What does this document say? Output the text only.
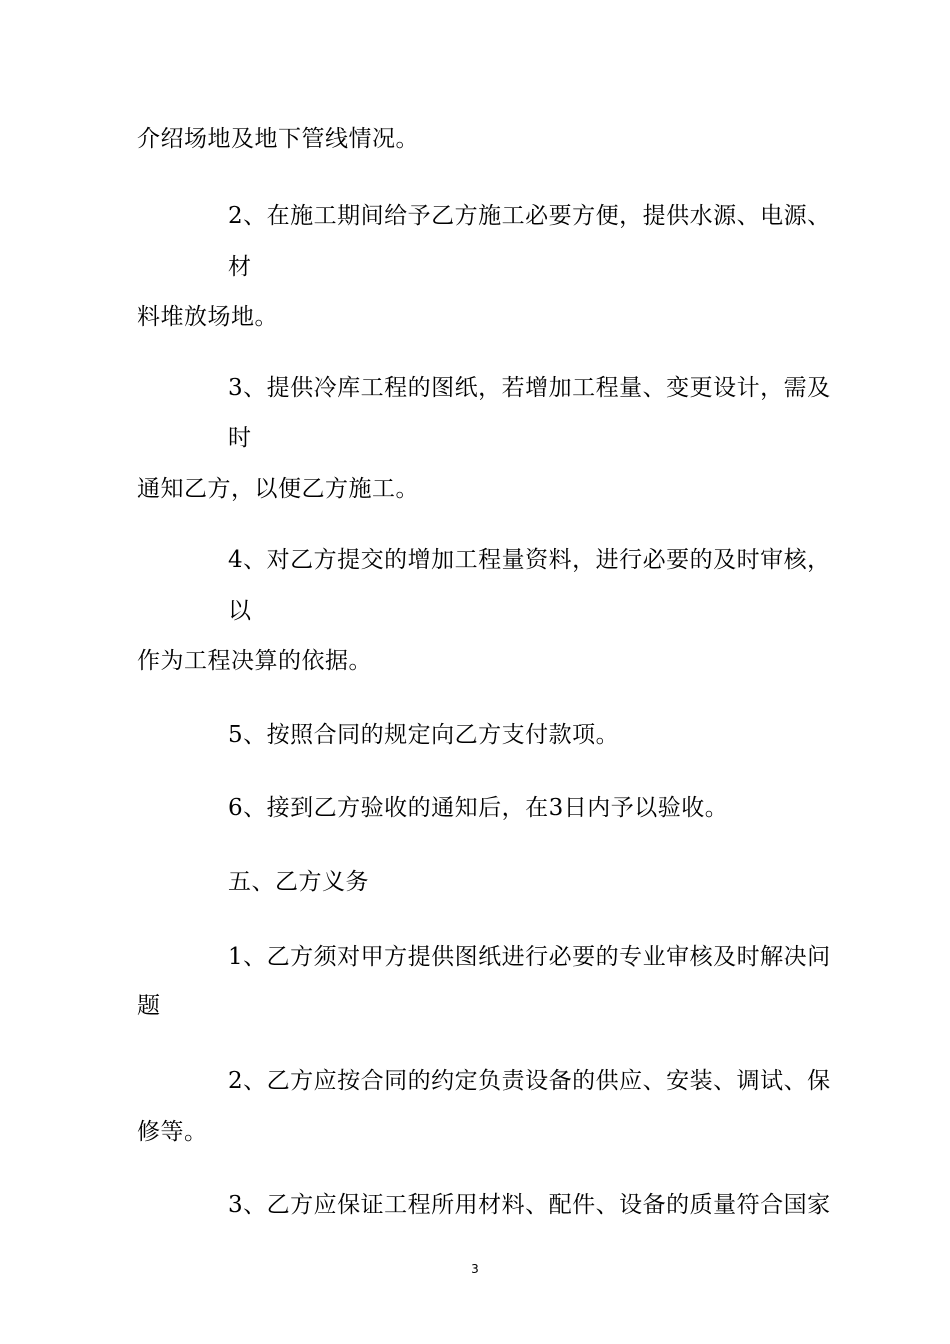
介绍场地及地下管线情况。
2、在施工期间给予乙方施工必要方便，提供水源、电源、
材
料堆放场地。
3、提供冷库工程的图纸，若增加工程量、变更设计，需及
时
通知乙方，以便乙方施工。
4、对乙方提交的增加工程量资料，进行必要的及时审核，
以
作为工程决算的依据。
5、按照合同的规定向乙方支付款项。
6、接到乙方验收的通知后，在3日内予以验收。
五、乙方义务
1、乙方须对甲方提供图纸进行必要的专业审核及时解决问
题
2、乙方应按合同的约定负责设备的供应、安装、调试、保
修等。
3、乙方应保证工程所用材料、配件、设备的质量符合国家
3
